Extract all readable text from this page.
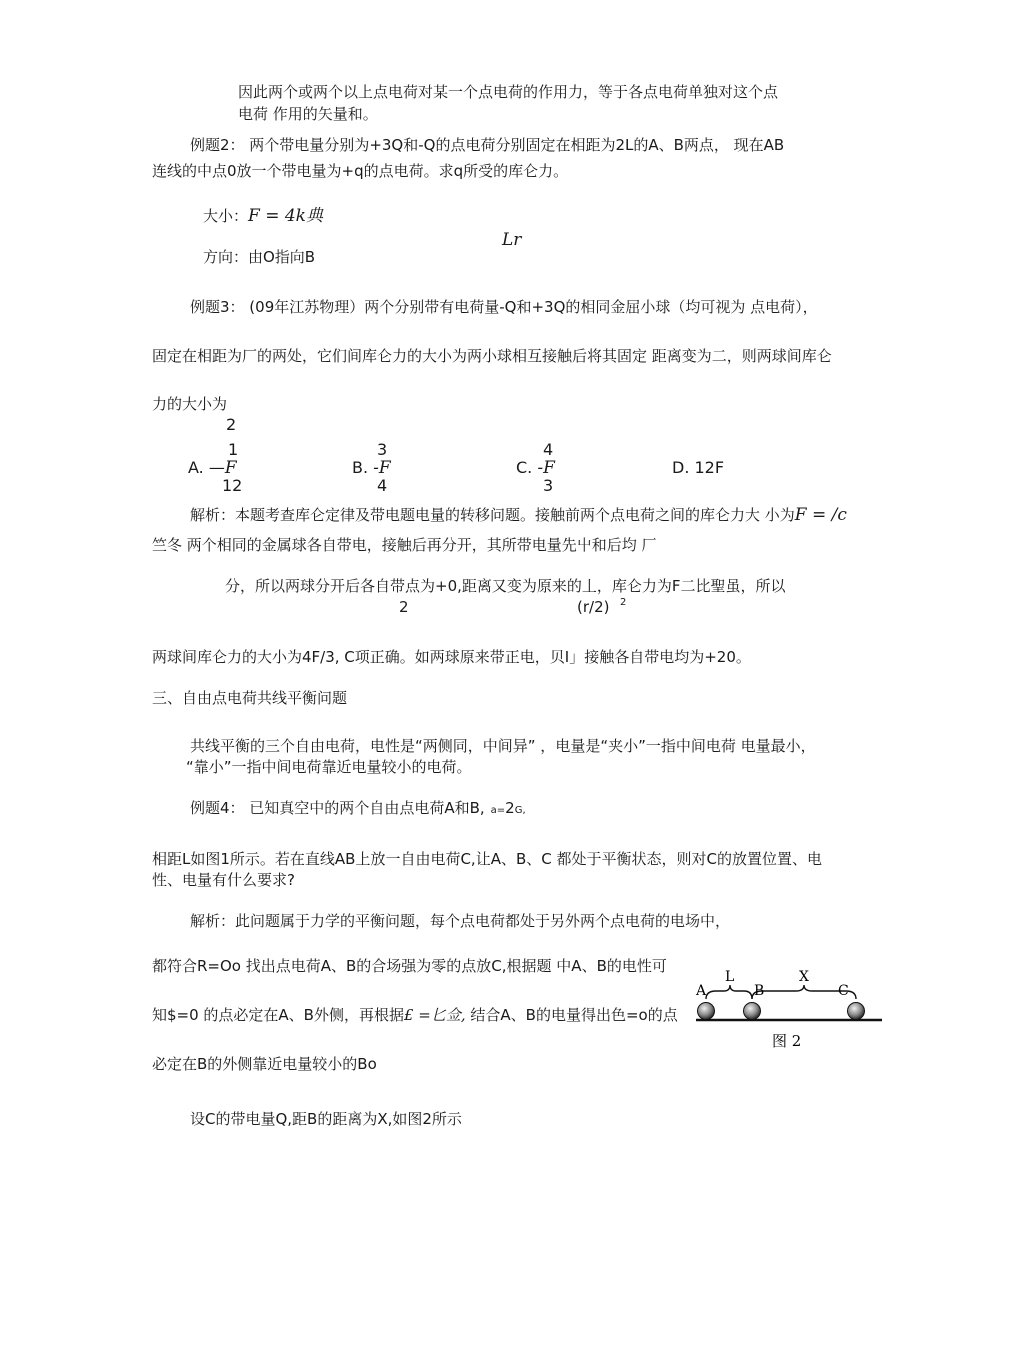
因此两个或两个以上点电荷对某一个点电荷的作用力，等于各点电荷单独对这个点
电荷 作用的矢量和。
例题2： 两个带电量分别为+3Q和-Q的点电荷分别固定在相距为2L的A、B两点， 现在AB
连线的中点0放一个带电量为+q的点电荷。求q所受的库仑力。
大小：F = 4k典
Lr
方向：由O指向B
例题3： (09年江苏物理）两个分别带有电荷量-Q和+3Q的相同金屈小球（均可视为 点电荷），
固定在相距为厂的两处，它们间库仑力的大小为两小球相互接触后将其固定 距离变为二，则两球间库仑
力的大小为
2
1
A. —F
12
3
B. -F
4
4
C. -F
3
D. 12F
解析：本题考查库仑定律及带电题电量的转移问题。接触前两个点电荷之间的库仑力大 小为F = /c
竺冬 两个相同的金属球各自带电，接触后再分开，其所带电量先屮和后均 厂
分，所以两球分开后各自带点为+0,距离又变为原来的丄，库仑力为F二比聖虽，所以
2	(r/2) 2
两球间库仑力的大小为4F/3, C项正确。如两球原来带正电，贝I」接触各自带电均为+20。
三、自由点电荷共线平衡问题
共线平衡的三个自由电荷，电性是“两侧同，中间异” ，电量是“夹小”一指中间电荷 电量最小，
“靠小”一指中间电荷靠近电量较小的电荷。
例题4： 已知真空中的两个自由点电荷A和B, a=2G,
相距L如图1所示。若在直线AB上放一自由电荷C,让A、B、C 都处于平衡状态，则对C的放置位置、电
性、电量有什么要求?
解析：此问题属于力学的平衡问题，每个点电荷都处于另外两个点电荷的电场中，
都符合R=Oo 找出点电荷A、B的合场强为零的点放C,根据题 中A、B的电性可
知$=0 的点必定在A、B外侧，再根据£ =匕佥, 结合A、B的电量得出色=o的点
必定在B的外侧靠近电量较小的Bo
设C的带电量Q,距B的距离为X,如图2所示
A
L
B
X
C
图 2
